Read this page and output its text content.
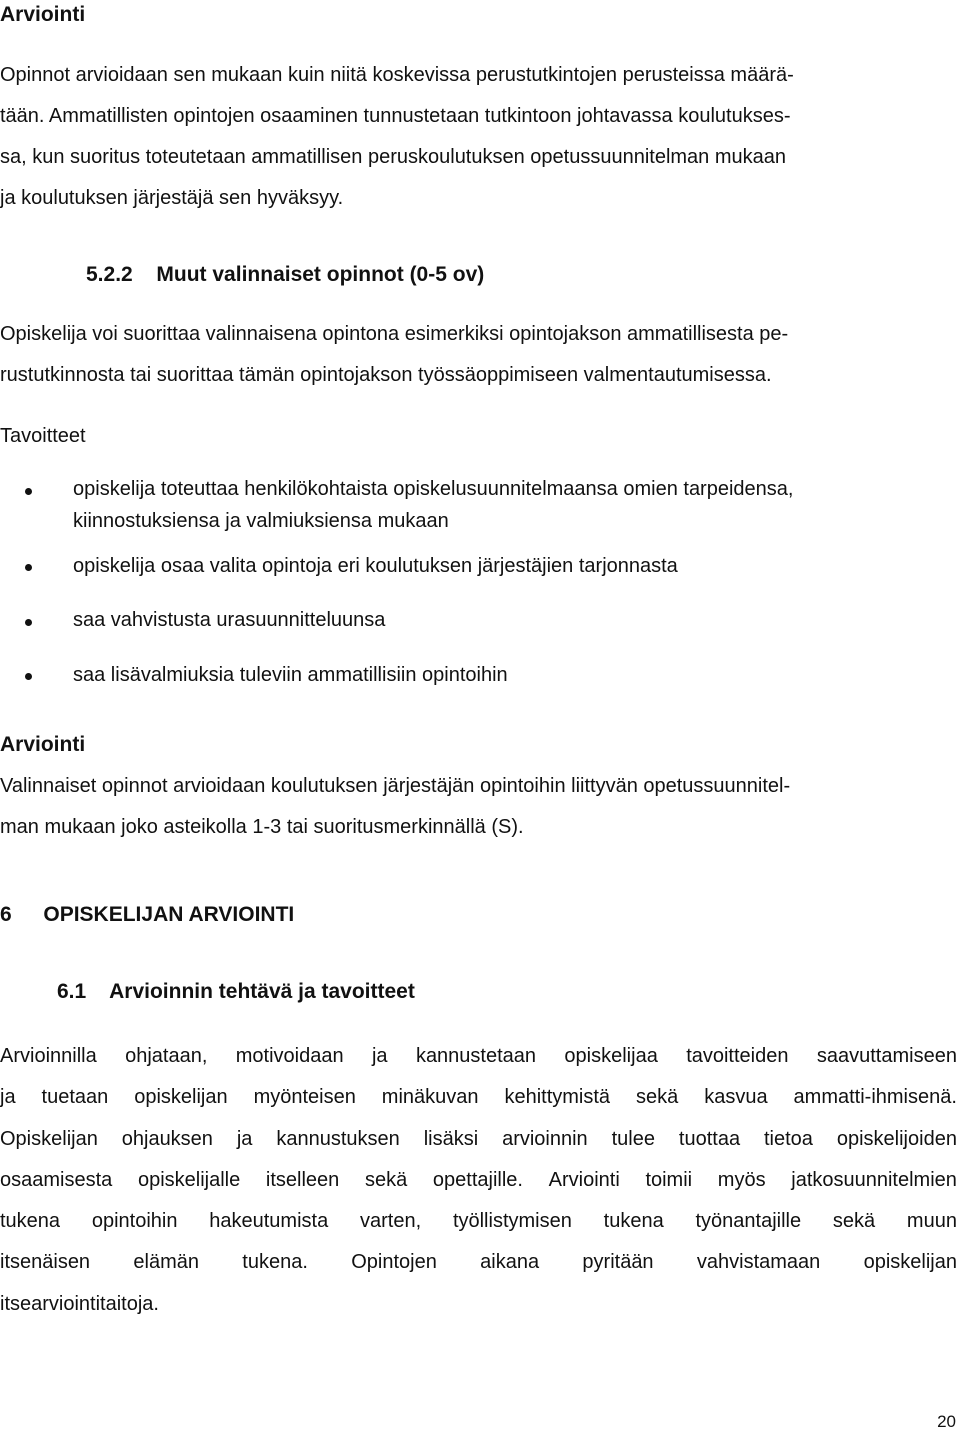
Arviointi
Opinnot arvioidaan sen mukaan kuin niitä koskevissa perustutkintojen perusteissa määrä-
tään. Ammatillisten opintojen osaaminen tunnustetaan tutkintoon johtavassa koulutukses-
sa, kun suoritus toteutetaan ammatillisen peruskoulutuksen opetussuunnitelman mukaan
ja koulutuksen järjestäjä sen hyväksyy.
5.2.2 Muut valinnaiset opinnot (0-5 ov)
Opiskelija voi suorittaa valinnaisena opintona esimerkiksi opintojakson ammatillisesta pe-
rustutkinnosta tai suorittaa tämän opintojakson työssäoppimiseen valmentautumisessa.
Tavoitteet
opiskelija toteuttaa henkilökohtaista opiskelusuunnitelmaansa omien tarpeidensa,
kiinnostuksiensa ja valmiuksiensa mukaan
opiskelija osaa valita opintoja eri koulutuksen järjestäjien tarjonnasta
saa vahvistusta urasuunnitteluunsa
saa lisävalmiuksia tuleviin ammatillisiin opintoihin
Arviointi
Valinnaiset opinnot arvioidaan koulutuksen järjestäjän opintoihin liittyvän opetussuunnitel-
man mukaan joko asteikolla 1-3 tai suoritusmerkinnällä (S).
6 OPISKELIJAN ARVIOINTI
6.1 Arvioinnin tehtävä ja tavoitteet
Arvioinnilla ohjataan, motivoidaan ja kannustetaan opiskelijaa tavoitteiden saavuttamiseen
ja tuetaan opiskelijan myönteisen minäkuvan kehittymistä sekä kasvua ammatti-ihmisenä.
Opiskelijan ohjauksen ja kannustuksen lisäksi arvioinnin tulee tuottaa tietoa opiskelijoiden
osaamisesta opiskelijalle itselleen sekä opettajille. Arviointi toimii myös jatkosuunnitelmien
tukena opintoihin hakeutumista varten, työllistymisen tukena työnantajille sekä muun
itsenäisen elämän tukena. Opintojen aikana pyritään vahvistamaan opiskelijan
itsearviointitaitoja.
20
